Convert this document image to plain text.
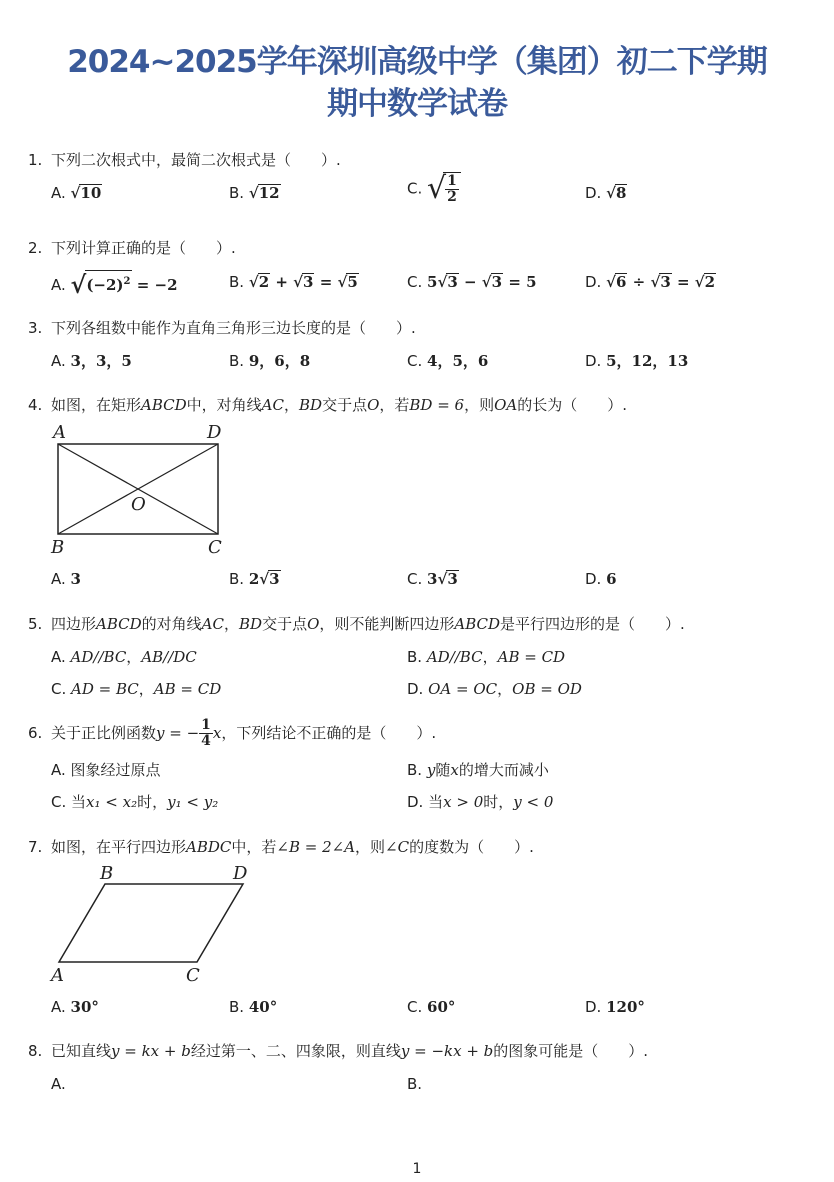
2024~2025学年深圳高级中学（集团）初二下学期
期中数学试卷
1. 下列二次根式中，最简二次根式是（　　）.
A. √10	B. √12	C. √ $\frac{1}{2}$	D. √8
2. 下列计算正确的是（　　）.
A. $√(-2)^2 = -2$	B. √2 + √3 = √5	C. 5√3 − √3 = 5	D. √6 ÷ √3 = √2
3. 下列各组数中能作为直角三角形三边长度的是（　　）.
A. 3，3，5	B. 9，6，8	C. 4，5，6	D. 5，12，13
4. 如图，在矩形ABCD中，对角线AC，BD交于点O，若BD = 6，则OA的长为（　　）.
A	D
B	C
O
A. 3	B. 2√3	C. 3√3	D. 6
5. 四边形ABCD的对角线AC，BD交于点O，则不能判断四边形ABCD是平行四边形的是（　　）.
A. AD//BC，AB//DC	B. AD//BC，AB = CD
C. AD = BC，AB = CD	D. OA = OC，OB = OD
6. 关于正比例函数y = − $\frac{1}{4}$ x，下列结论不正确的是（　　）.
A. 图象经过原点	B. y随x的增大而减小
C. 当x₁ < x₂时，y₁ < y₂	D. 当x > 0时，y < 0
7. 如图，在平行四边形ABDC中，若∠B = 2∠A，则∠C的度数为（　　）.
B	D
A	C
A. 30°	B. 40°	C. 60°	D. 120°
8. 已知直线y = kx + b经过第一、二、四象限，则直线y = −kx + b的图象可能是（　　）.
A.	B.
1
